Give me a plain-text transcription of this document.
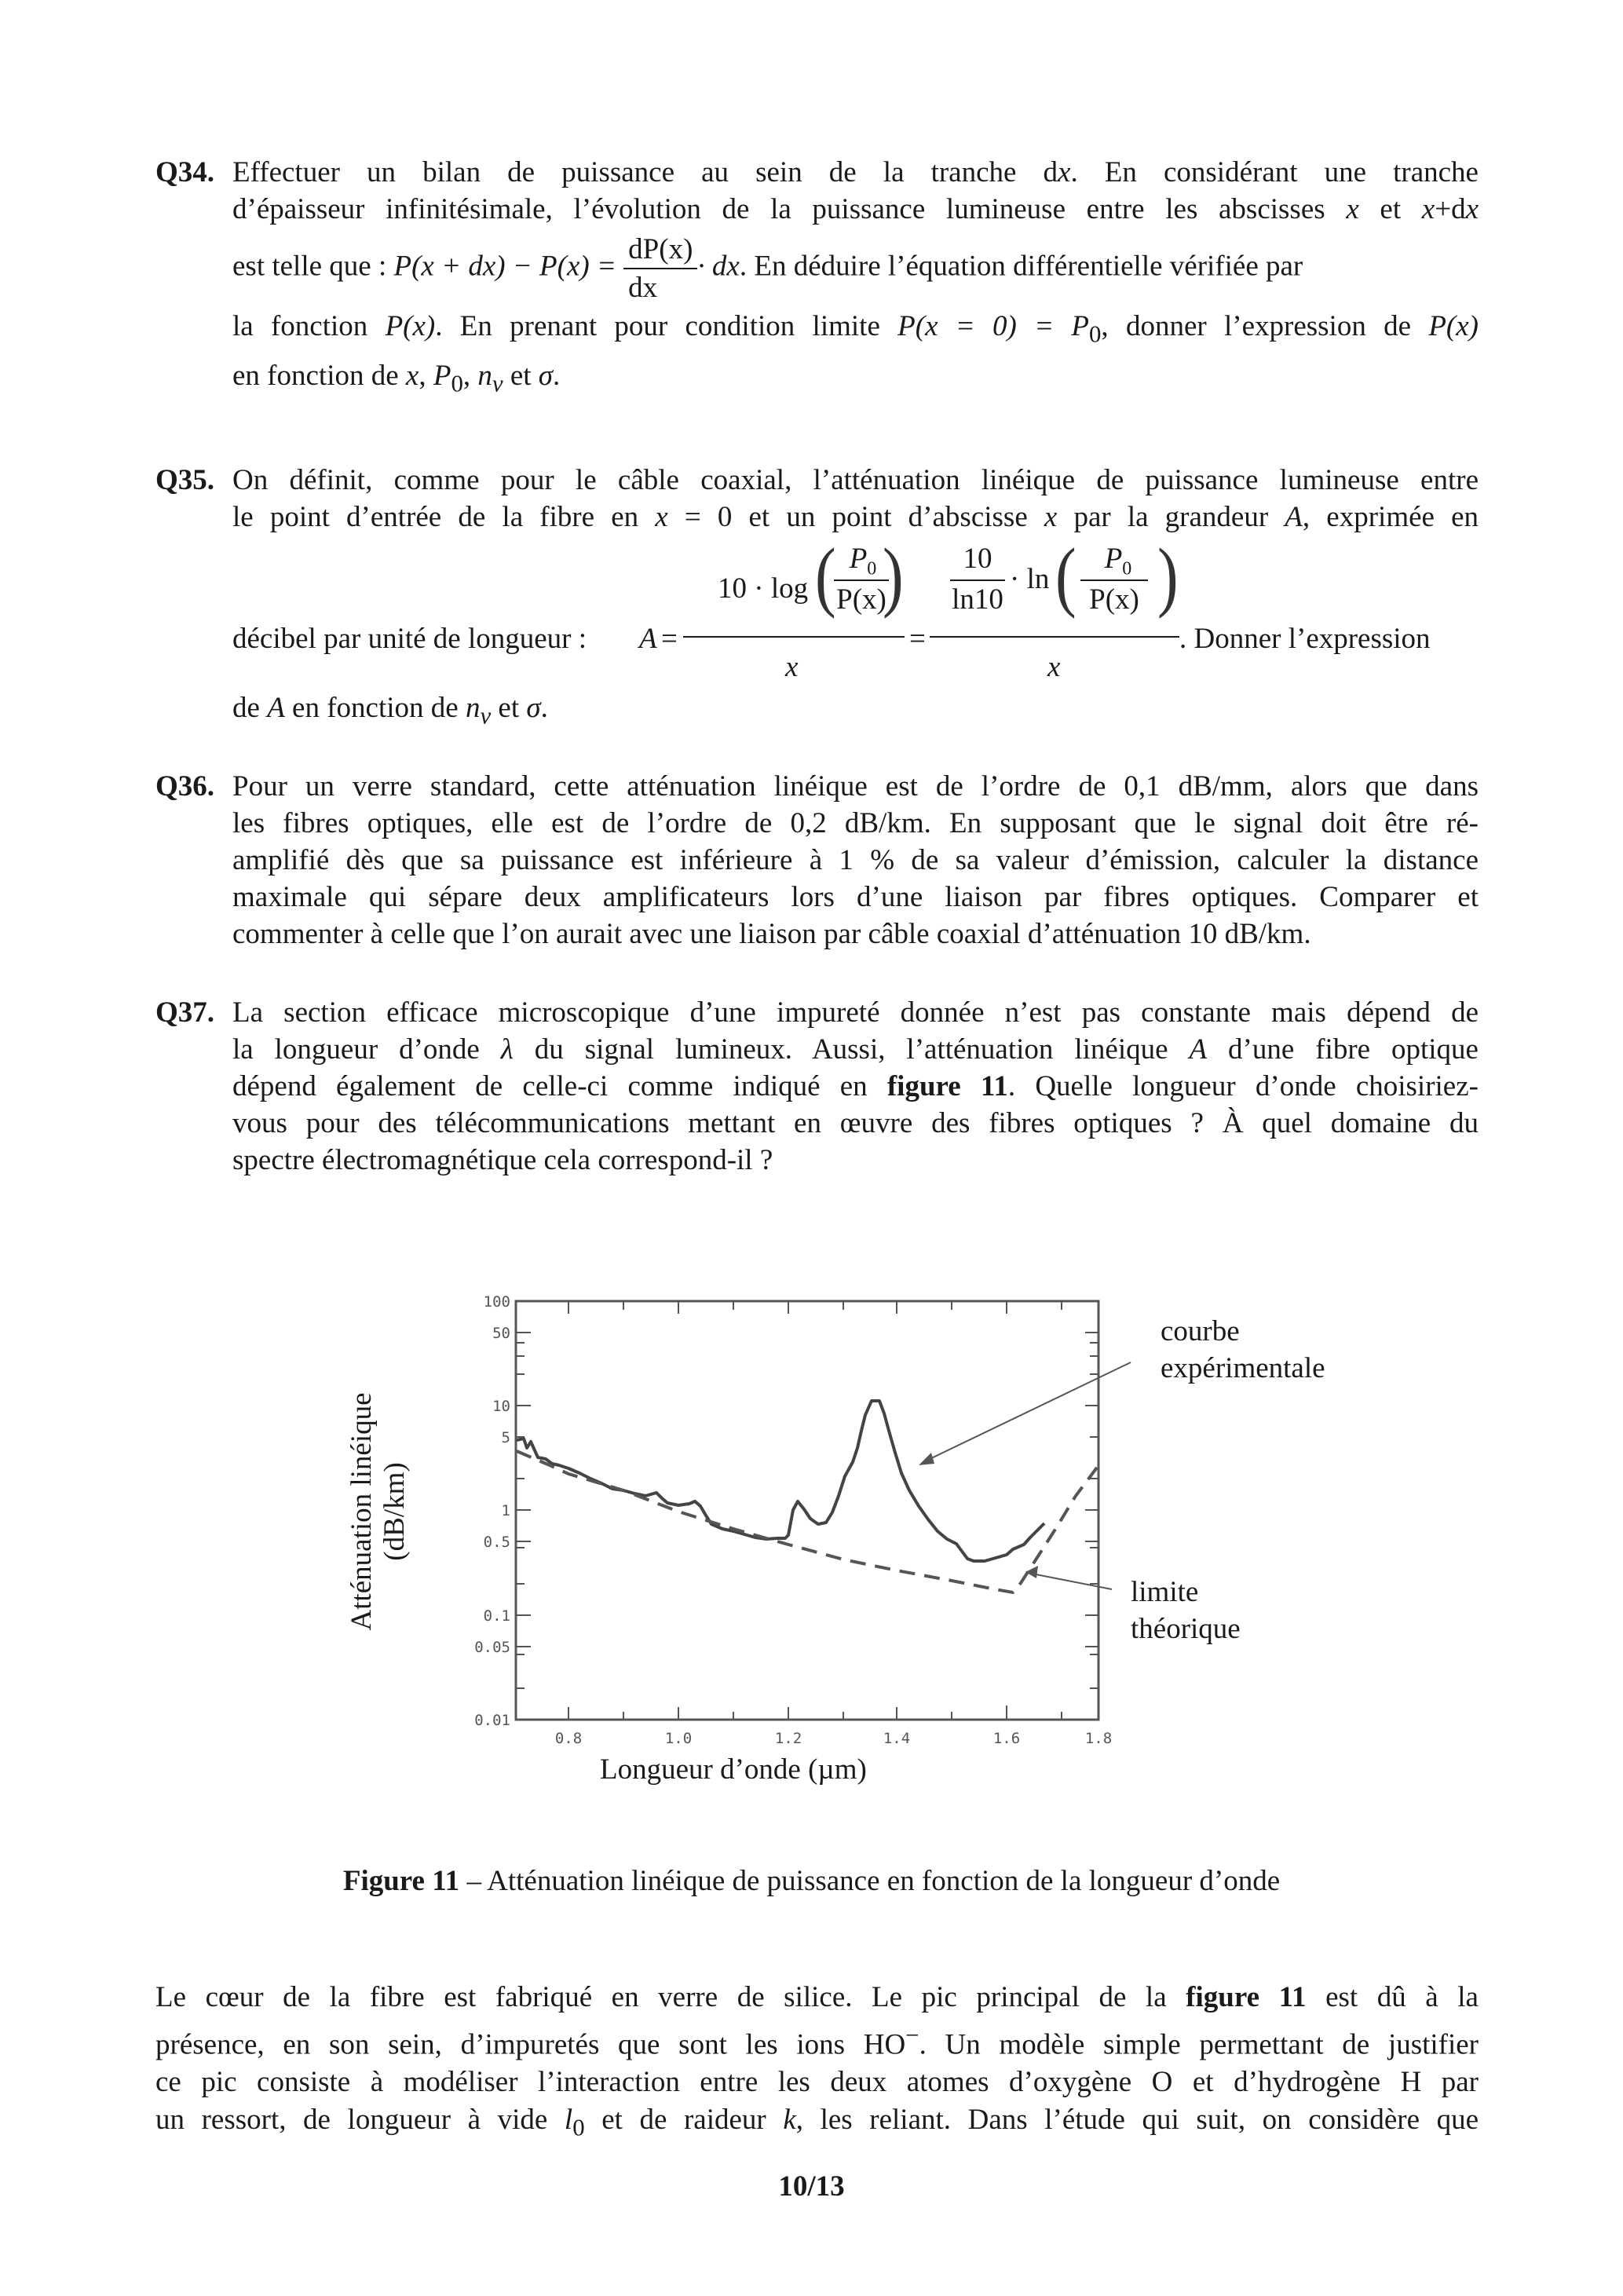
Q34. Effectuer un bilan de puissance au sein de la tranche dx. En considérant une tranche
d’épaisseur infinitésimale, l’évolution de la puissance lumineuse entre les abscisses x et x+dx
est telle que : $P(x + dx) - P(x) = \frac{dP(x)}{dx}$ · dx. En déduire l’équation différentielle vérifiée par
la fonction P(x). En prenant pour condition limite $P(x = 0) = P_0$, donner l’expression de P(x)
en fonction de x, $P_0$, $n_\nu$ et σ.
Q35. On définit, comme pour le câble coaxial, l’atténuation linéique de puissance lumineuse entre
le point d’entrée de la fibre en x = 0 et un point d’abscisse x par la grandeur A, exprimée en
décibel par unité de longueur : A =
10 · log ( )
$P_0$
P(x)
x
=
10
ln10
· ln ( )
$P_0$
P(x)
x
. Donner l’expression
de A en fonction de $n_\nu$ et σ.
Q36. Pour un verre standard, cette atténuation linéique est de l’ordre de 0,1 dB/mm, alors que dans
les fibres optiques, elle est de l’ordre de 0,2 dB/km. En supposant que le signal doit être ré-
amplifié dès que sa puissance est inférieure à 1 % de sa valeur d’émission, calculer la distance
maximale qui sépare deux amplificateurs lors d’une liaison par fibres optiques. Comparer et
commenter à celle que l’on aurait avec une liaison par câble coaxial d’atténuation 10 dB/km.
Q37. La section efficace microscopique d’une impureté donnée n’est pas constante mais dépend de
la longueur d’onde λ du signal lumineux. Aussi, l’atténuation linéique A d’une fibre optique
dépend également de celle-ci comme indiqué en figure 11. Quelle longueur d’onde choisiriez-
vous pour des télécommunications mettant en œuvre des fibres optiques ? À quel domaine du
spectre électromagnétique cela correspond-il ?
Atténuation linéique (dB/km)
100
50
10
5
1
0.5
0.1
0.05
0.01
0.8	1.0	1.2	1.4	1.6	1.8
courbe
expérimentale
limite
théorique
Longueur d’onde (µm)
Figure 11 – Atténuation linéique de puissance en fonction de la longueur d’onde
Le cœur de la fibre est fabriqué en verre de silice. Le pic principal de la figure 11 est dû à la
présence, en son sein, d’impuretés que sont les ions HO−. Un modèle simple permettant de justifier
ce pic consiste à modéliser l’interaction entre les deux atomes d’oxygène O et d’hydrogène H par
un ressort, de longueur à vide $l_0$ et de raideur k, les reliant. Dans l’étude qui suit, on considère que
10/13
